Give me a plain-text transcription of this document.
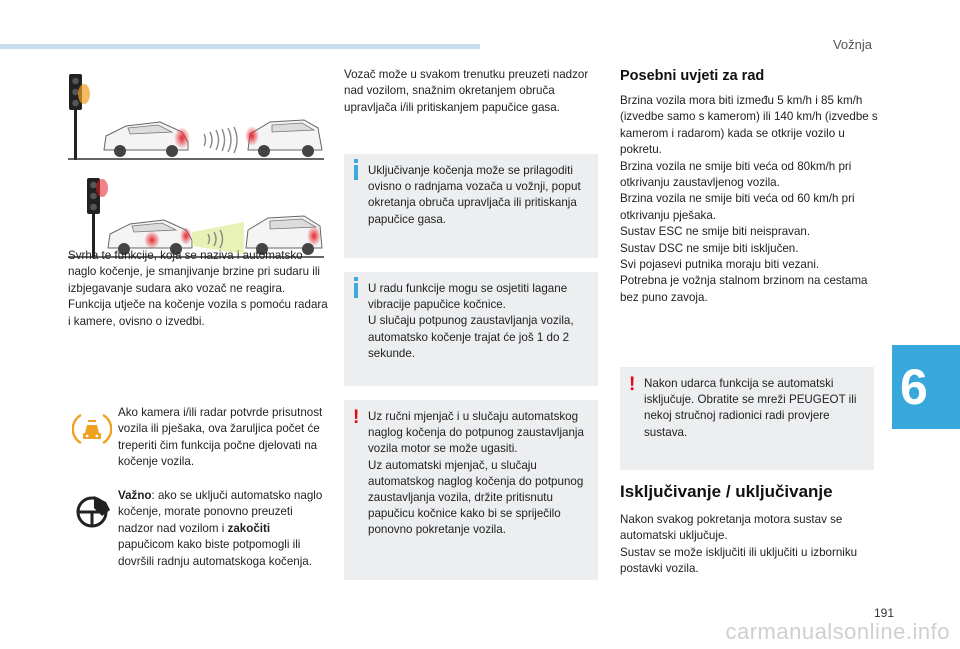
Vožnja
Svrha te funkcije, koja se naziva i automatsko naglo kočenje, je smanjivanje brzine pri sudaru ili izbjegavanje sudara ako vozač ne reagira. Funkcija utječe na kočenje vozila s pomoću radara i kamere, ovisno o izvedbi.
Ako kamera i/ili radar potvrde prisutnost vozila ili pješaka, ova žaruljica počet će treperiti čim funkcija počne djelovati na kočenje vozila.
Važno: ako se uključi automatsko naglo kočenje, morate ponovno preuzeti nadzor nad vozilom i zakočiti papučicom kako biste potpomogli ili dovršili radnju automatskoga kočenja.
Vozač može u svakom trenutku preuzeti nadzor nad vozilom, snažnim okretanjem obruča upravljača i/ili pritiskanjem papučice gasa.

Uključivanje kočenja može se prilagoditi ovisno o radnjama vozača u vožnji, poput okretanja obruča upravljača ili pritiskanja papučice gasa.

U radu funkcije mogu se osjetiti lagane vibracije papučice kočnice.

U slučaju potpunog zaustavljanja vozila, automatsko kočenje trajat će još 1 do 2 sekunde.

! Uz ručni mjenjač i u slučaju automatskog naglog kočenja do potpunog zaustavljanja vozila motor se može ugasiti.

Uz automatski mjenjač, u slučaju automatskog naglog kočenja do potpunog zaustavljanja vozila, držite pritisnutu papučicu kočnice kako bi se spriječilo ponovno pokretanje vozila.

Posebni uvjeti za rad

Brzina vozila mora biti između 5 km/h i 85 km/h (izvedbe samo s kamerom) ili 140 km/h (izvedbe s kamerom i radarom) kada se otkrije vozilo u pokretu.

Brzina vozila ne smije biti veća od 80km/h pri otkrivanju zaustavljenog vozila.

Brzina vozila ne smije biti veća od 60 km/h pri otkrivanju pješaka.

Sustav ESC ne smije biti neispravan.

Sustav DSC ne smije biti isključen.

Svi pojasevi putnika moraju biti vezani.

Potrebna je vožnja stalnom brzinom na cestama bez puno zavoja.

! Nakon udarca funkcija se automatski isključuje. Obratite se mreži PEUGEOT ili nekoj stručnoj radionici radi provjere sustava.

Isključivanje / uključivanje

Nakon svakog pokretanja motora sustav se automatski uključuje.

Sustav se može isključiti ili uključiti u izborniku postavki vozila.

6
191
carmanualsonline.info
